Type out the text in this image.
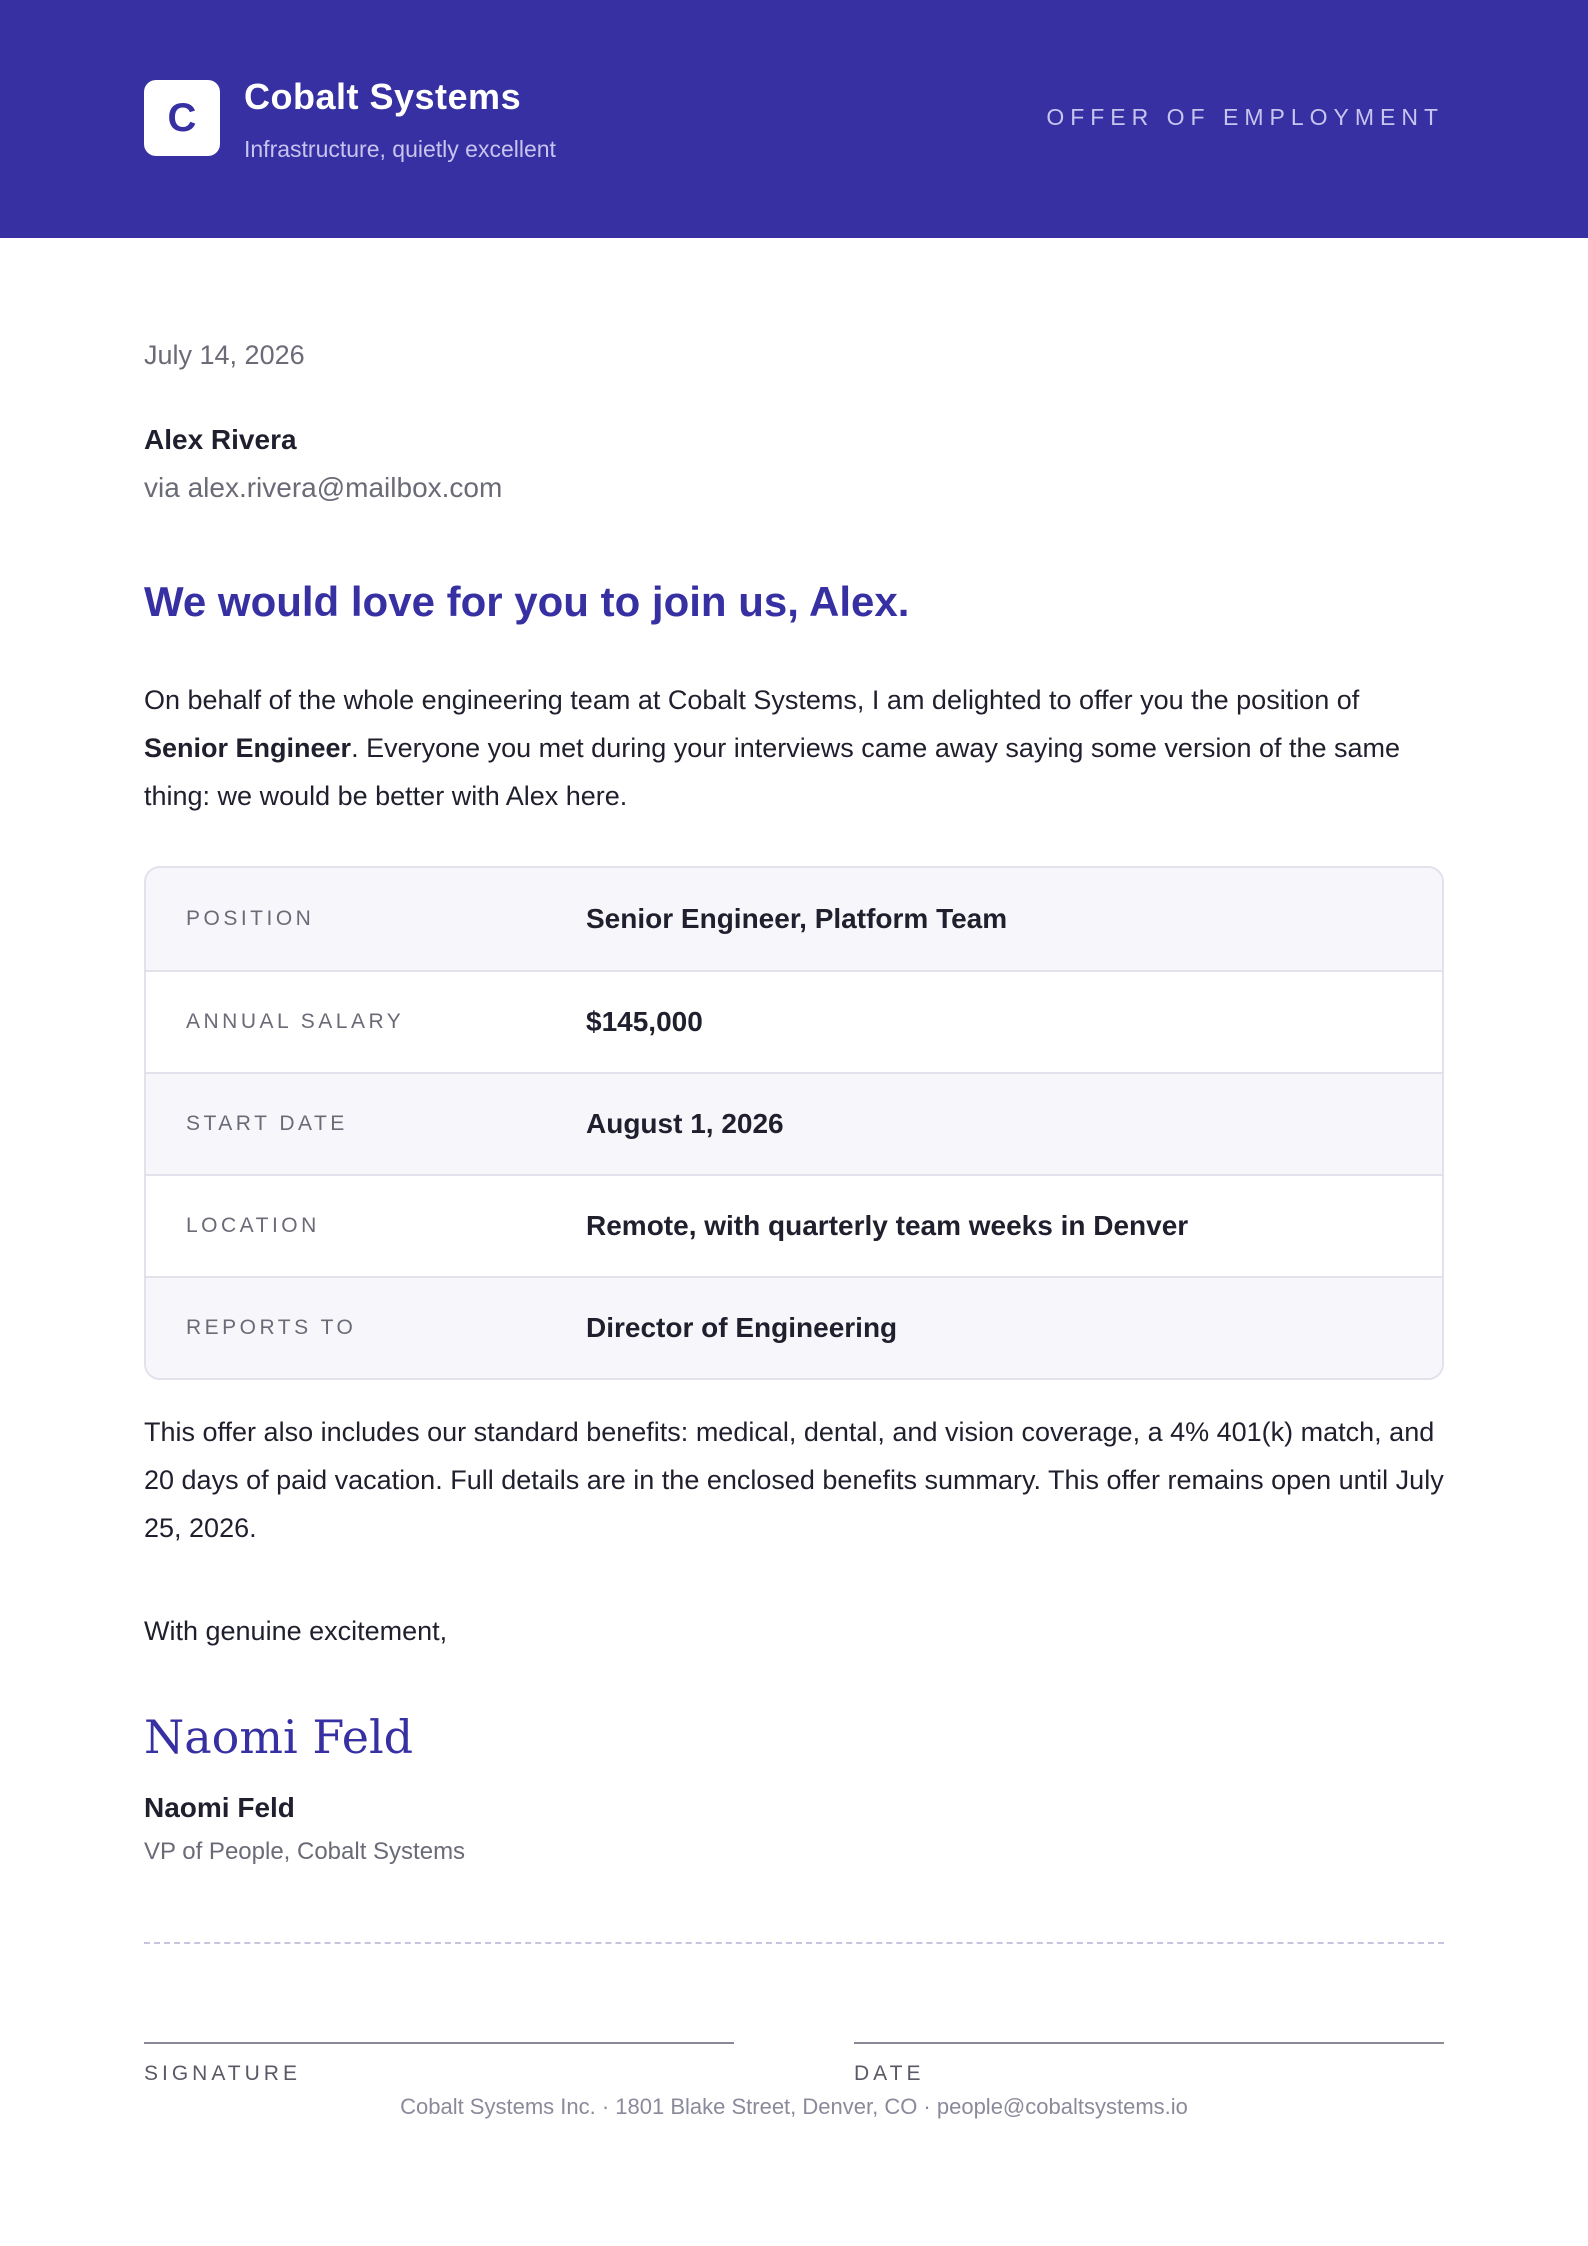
C	Cobalt Systems
Infrastructure, quietly excellent
OFFER OF EMPLOYMENT
July 14, 2026
Alex Rivera
via alex.rivera@mailbox.com
We would love for you to join us, Alex.
On behalf of the whole engineering team at Cobalt Systems, I am delighted to offer you the position of Senior Engineer. Everyone you met during your interviews came away saying some version of the same thing: we would be better with Alex here.
POSITION	Senior Engineer, Platform Team
ANNUAL SALARY	$145,000
START DATE	August 1, 2026
LOCATION	Remote, with quarterly team weeks in Denver
REPORTS TO	Director of Engineering
This offer also includes our standard benefits: medical, dental, and vision coverage, a 4% 401(k) match, and 20 days of paid vacation. Full details are in the enclosed benefits summary. This offer remains open until July 25, 2026.
With genuine excitement,
Naomi Feld
Naomi Feld
VP of People, Cobalt Systems
SIGNATURE	DATE
Cobalt Systems Inc. · 1801 Blake Street, Denver, CO · people@cobaltsystems.io
